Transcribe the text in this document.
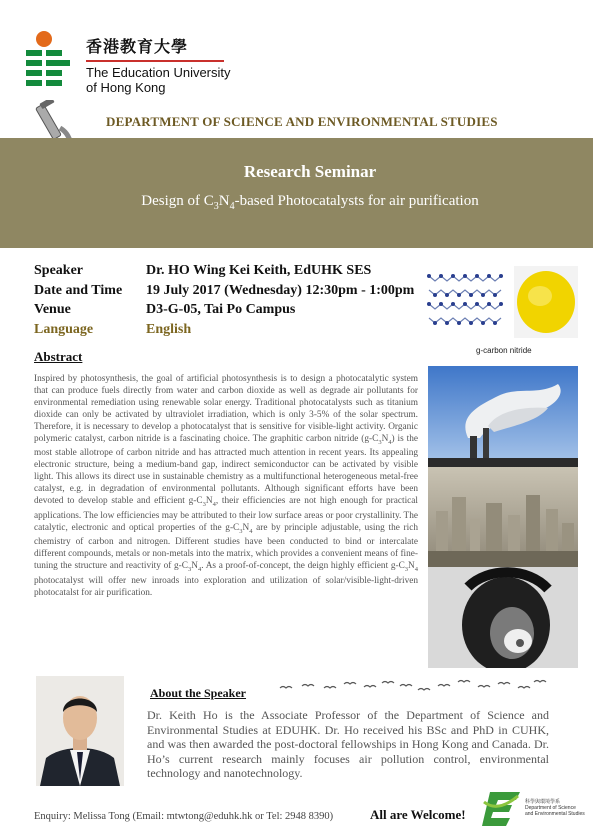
香港教育大學
The Education University
of Hong Kong
DEPARTMENT OF SCIENCE AND ENVIRONMENTAL STUDIES
Research Seminar
Design of $C_3N_4$-based Photocatalysts for air purification
Speaker	Dr. HO Wing Kei Keith, EdUHK SES
Date and Time 19 July 2017 (Wednesday) 12:30pm - 1:00pm
Venue	D3-G-05, Tai Po Campus
Language	English
g-carbon nitride
Abstract

Inspired by photosynthesis, the goal of artificial photosynthesis is to design a photocatalytic system that can produce fuels directly from water and carbon dioxide as well as degrade air pollutants for environmental remediation using renewable solar energy. Traditional photocatalysts such as titanium dioxide can only be activated by ultraviolet irradiation, which is only 3-5% of the solar spectrum. Therefore, it is necessary to develop a photocatalyst that is sensitive for visible-light activity. Organic polymeric catalyst, carbon nitride is a fascinating choice. The graphitic carbon nitride $(g-C_3N_4)$ is the most stable allotrope of carbon nitride and has attracted much attention in recent years. Its appealing electronic structure, being a medium-band gap, indirect semiconductor can be activated by visible light. This allows its direct use in sustainable chemistry as a multifunctional heterogeneous metal-free catalyst, e.g. in degradation of environmental pollutants. Although significant efforts have been devoted to develop stable and efficient $g-C_3N_4$, their efficiencies are not high enough for practical applications. The low efficiencies may be attributed to their low surface areas or poor crystallinity. The catalytic, electronic and optical properties of the $g-C_3N_4$ are by principle adjustable, using the rich chemistry of carbon and nitrogen. Different studies have been conducted to bind or intercalate different compounds, metals or non-metals into the matrix, which provides a convenient means of fine-tuning the structure and reactivity of $g-C_3N_4$. As a proof-of-concept, the deign highly efficient $g-C_3N_4$ photocatalyst will offer new inroads into exploration and utilization of solar/visible-light-driven photocatalst for air purification.

About the Speaker
Dr. Keith Ho is the Associate Professor of the Department of Science and Environmental Studies at EDUHK. Dr. Ho received his BSc and PhD in CUHK, and was then awarded the post-doctoral fellowships in Hong Kong and Canada. Dr. Ho’s current research mainly focuses air pollution control, environmental technology and nanotechnology.
Enquiry: Melissa Tong (Email: mtwtong@eduhk.hk or Tel: 2948 8390)	All are Welcome!
科學與環境學系
Department of Science
and Environmental Studies
